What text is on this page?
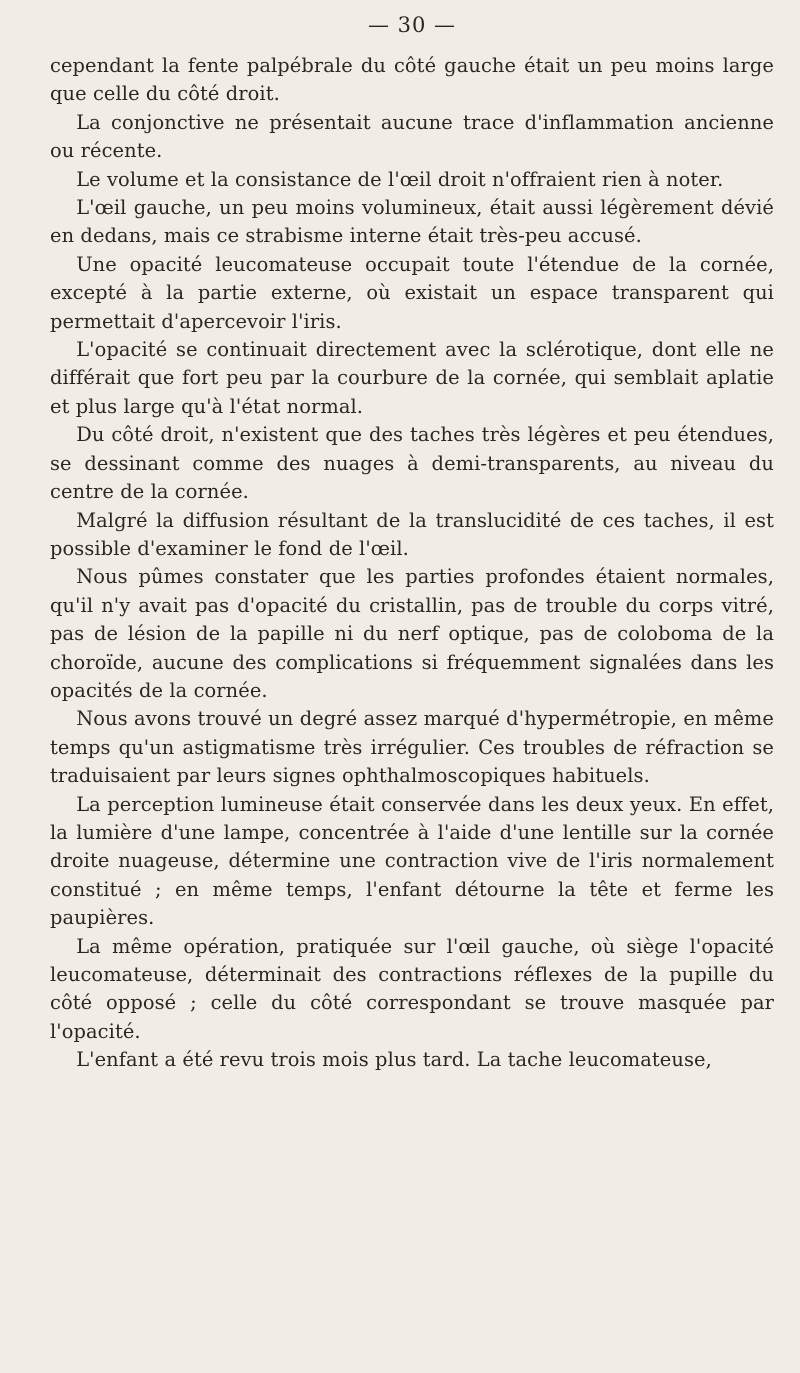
— 30 —

cependant la fente palpébrale du côté gauche était un peu moins large que celle du côté droit.

La conjonctive ne présentait aucune trace d'inflammation ancienne ou récente.

Le volume et la consistance de l'œil droit n'offraient rien à noter.

L'œil gauche, un peu moins volumineux, était aussi légèrement dévié en dedans, mais ce strabisme interne était très-peu accusé.

Une opacité leucomateuse occupait toute l'étendue de la cornée, excepté à la partie externe, où existait un espace transparent qui permettait d'apercevoir l'iris.

L'opacité se continuait directement avec la sclérotique, dont elle ne différait que fort peu par la courbure de la cornée, qui semblait aplatie et plus large qu'à l'état normal.

Du côté droit, n'existent que des taches très légères et peu étendues, se dessinant comme des nuages à demi-transparents, au niveau du centre de la cornée.

Malgré la diffusion résultant de la translucidité de ces taches, il est possible d'examiner le fond de l'œil.

Nous pûmes constater que les parties profondes étaient normales, qu'il n'y avait pas d'opacité du cristallin, pas de trouble du corps vitré, pas de lésion de la papille ni du nerf optique, pas de coloboma de la choroïde, aucune des complications si fréquemment signalées dans les opacités de la cornée.

Nous avons trouvé un degré assez marqué d'hypermétropie, en même temps qu'un astigmatisme très irrégulier. Ces troubles de réfraction se traduisaient par leurs signes ophthalmoscopiques habituels.

La perception lumineuse était conservée dans les deux yeux. En effet, la lumière d'une lampe, concentrée à l'aide d'une lentille sur la cornée droite nuageuse, détermine une contraction vive de l'iris normalement constitué ; en même temps, l'enfant détourne la tête et ferme les paupières.

La même opération, pratiquée sur l'œil gauche, où siège l'opacité leucomateuse, déterminait des contractions réflexes de la pupille du côté opposé ; celle du côté correspondant se trouve masquée par l'opacité.

L'enfant a été revu trois mois plus tard. La tache leucomateuse,
